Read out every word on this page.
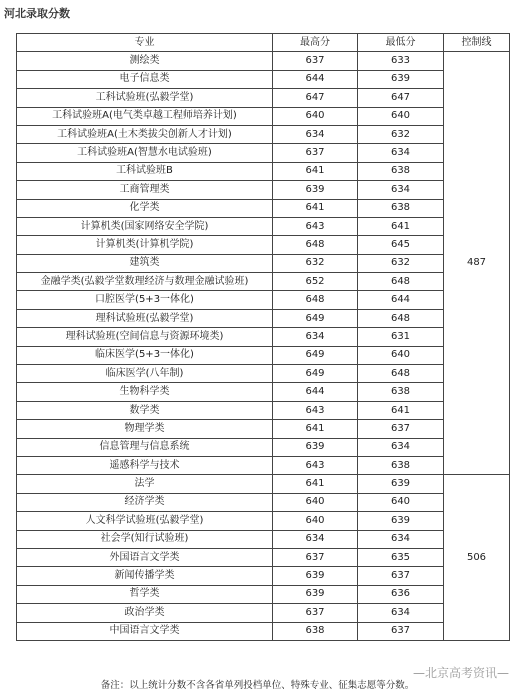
河北录取分数
专业	最高分	最低分	控制线
测绘类	637	633	487
电子信息类	644	639	
工科试验班(弘毅学堂)	647	647	
工科试验班A(电气类卓越工程师培养计划)	640	640	
工科试验班A(土木类拔尖创新人才计划)	634	632	
工科试验班A(智慧水电试验班)	637	634	
工科试验班B	641	638	
工商管理类	639	634	
化学类	641	638	
计算机类(国家网络安全学院)	643	641	
计算机类(计算机学院)	648	645	
建筑类	632	632	
金融学类(弘毅学堂数理经济与数理金融试验班)	652	648	
口腔医学(5+3一体化)	648	644	
理科试验班(弘毅学堂)	649	648	
理科试验班(空间信息与资源环境类)	634	631	
临床医学(5+3一体化)	649	640	
临床医学(八年制)	649	648	
生物科学类	644	638	
数学类	643	641	
物理学类	641	637	
信息管理与信息系统	639	634	
遥感科学与技术	643	638	
法学	641	639	506
经济学类	640	640	
人文科学试验班(弘毅学堂)	640	639	
社会学(知行试验班)	634	634	
外国语言文学类	637	635	
新闻传播学类	639	637	
哲学类	639	636	
政治学类	637	634	
中国语言文学类	638	637	
备注：以上统计分数不含各省单列投档单位、特殊专业、征集志愿等分数。
—北京高考资讯—
